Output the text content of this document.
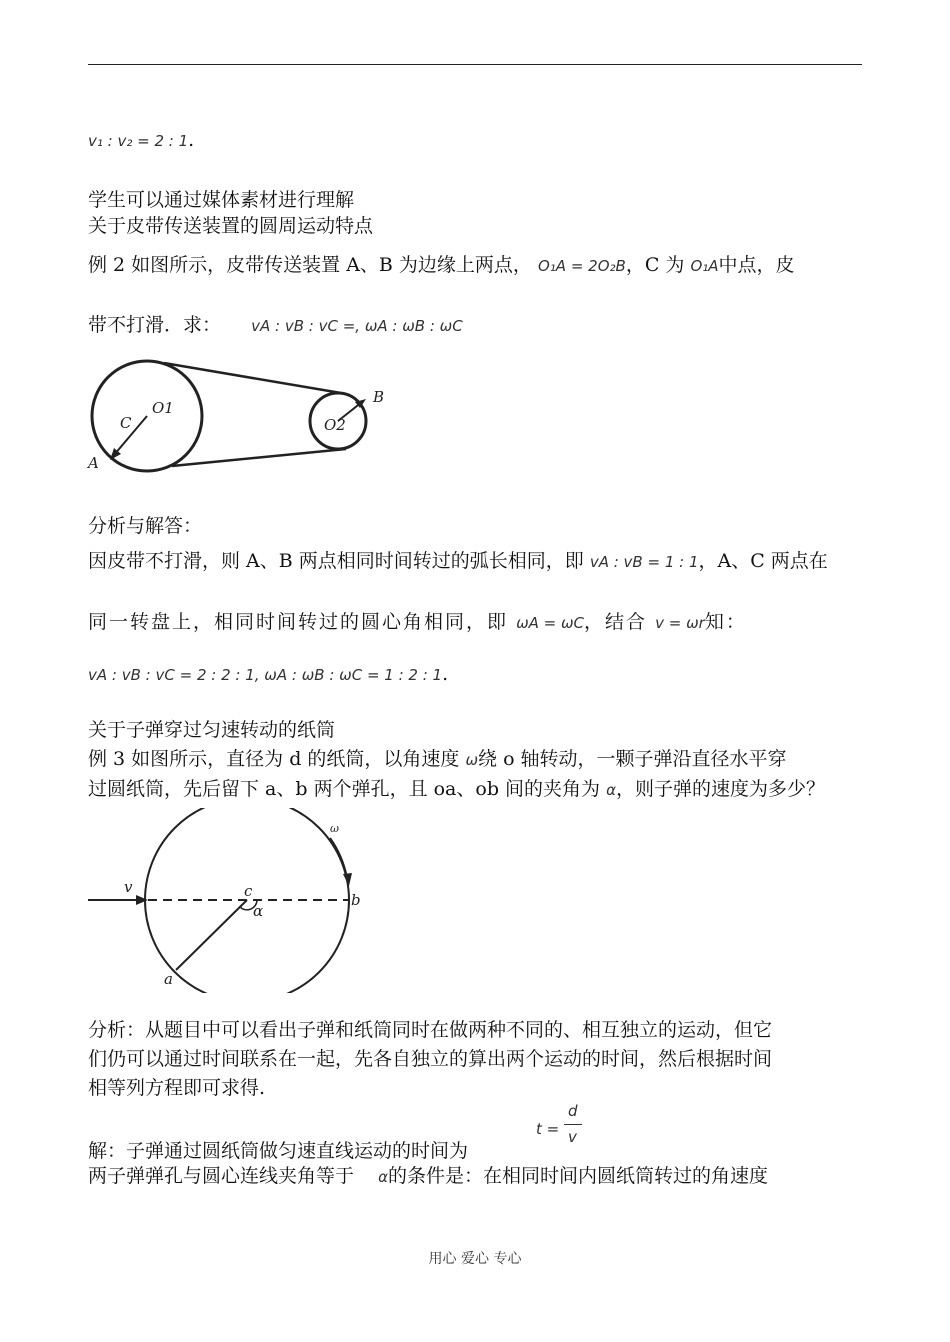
v₁ : v₂ = 2 : 1.
学生可以通过媒体素材进行理解
关于皮带传送装置的圆周运动特点
例 2 如图所示，皮带传送装置 A、B 为边缘上两点， O₁A = 2O₂B，C 为 O₁A中点，皮
带不打滑．求： vA : vB : vC =, ωA : ωB : ωC
C
O1
A
O2
B
分析与解答：
因皮带不打滑，则 A、B 两点相同时间转过的弧长相同，即 vA : vB = 1 : 1，A、C 两点在
同一转盘上，相同时间转过的圆心角相同，即 ωA = ωC，结合 v = ωr知：
vA : vB : vC = 2 : 2 : 1, ωA : ωB : ωC = 1 : 2 : 1.
关于子弹穿过匀速转动的纸筒
例 3 如图所示，直径为 d 的纸筒，以角速度 ω绕 o 轴转动，一颗子弹沿直径水平穿
过圆纸筒，先后留下 a、b 两个弹孔，且 oa、ob 间的夹角为 α，则子弹的速度为多少？
v	c
α
b
a
ω
分析：从题目中可以看出子弹和纸筒同时在做两种不同的、相互独立的运动，但它
们仍可以通过时间联系在一起，先各自独立的算出两个运动的时间，然后根据时间
相等列方程即可求得.
解：子弹通过圆纸筒做匀速直线运动的时间为
t =
d
v
两子弹弹孔与圆心连线夹角等于 α的条件是：在相同时间内圆纸筒转过的角速度
用心 爱心 专心
